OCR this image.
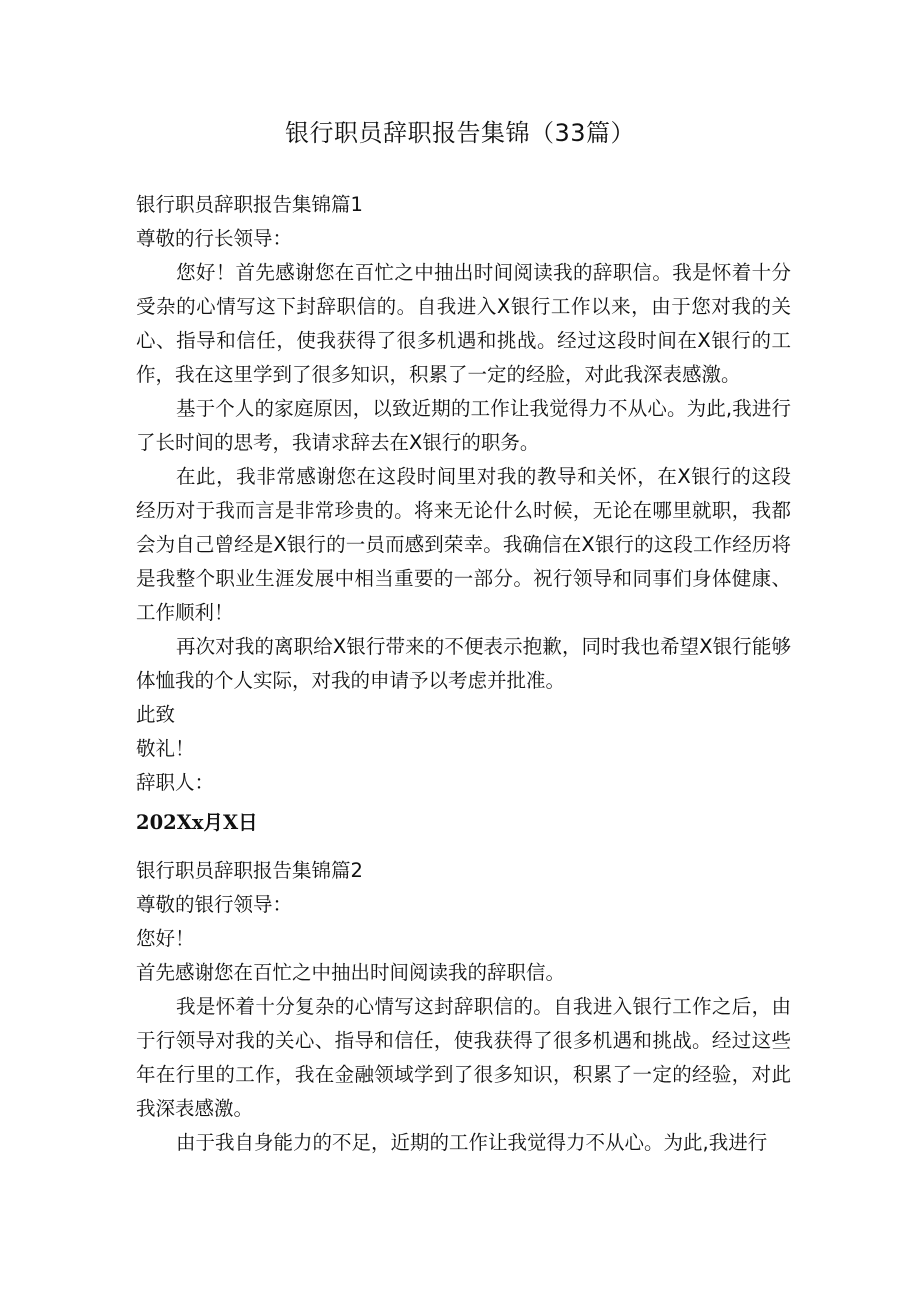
银行职员辞职报告集锦（33篇）

银行职员辞职报告集锦篇1

尊敬的行长领导：

您好！首先感谢您在百忙之中抽出时间阅读我的辞职信。我是怀着十分受杂的心情写这下封辞职信的。自我进入X银行工作以来，由于您对我的关心、指导和信任，使我获得了很多机遇和挑战。经过这段时间在X银行的工作，我在这里学到了很多知识，积累了一定的经脸，对此我深表感激。

基于个人的家庭原因，以致近期的工作让我觉得力不从心。为此,我进行了长时间的思考，我请求辞去在X银行的职务。

在此，我非常感谢您在这段时间里对我的教导和关怀，在X银行的这段经历对于我而言是非常珍贵的。将来无论什么时候，无论在哪里就职，我都会为自己曾经是X银行的一员而感到荣幸。我确信在X银行的这段工作经历将是我整个职业生涯发展中相当重要的一部分。祝行领导和同事们身体健康、工作顺利！

再次对我的离职给X银行带来的不便表示抱歉，同时我也希望X银行能够体恤我的个人实际，对我的申请予以考虑并批准。

此致

敬礼！

辞职人：

202Xx月X日

银行职员辞职报告集锦篇2

尊敬的银行领导：

您好！

首先感谢您在百忙之中抽出时间阅读我的辞职信。

我是怀着十分复杂的心情写这封辞职信的。自我进入银行工作之后，由于行领导对我的关心、指导和信任，使我获得了很多机遇和挑战。经过这些年在行里的工作，我在金融领域学到了很多知识，积累了一定的经验，对此我深表感激。

由于我自身能力的不足，近期的工作让我觉得力不从心。为此,我进行
